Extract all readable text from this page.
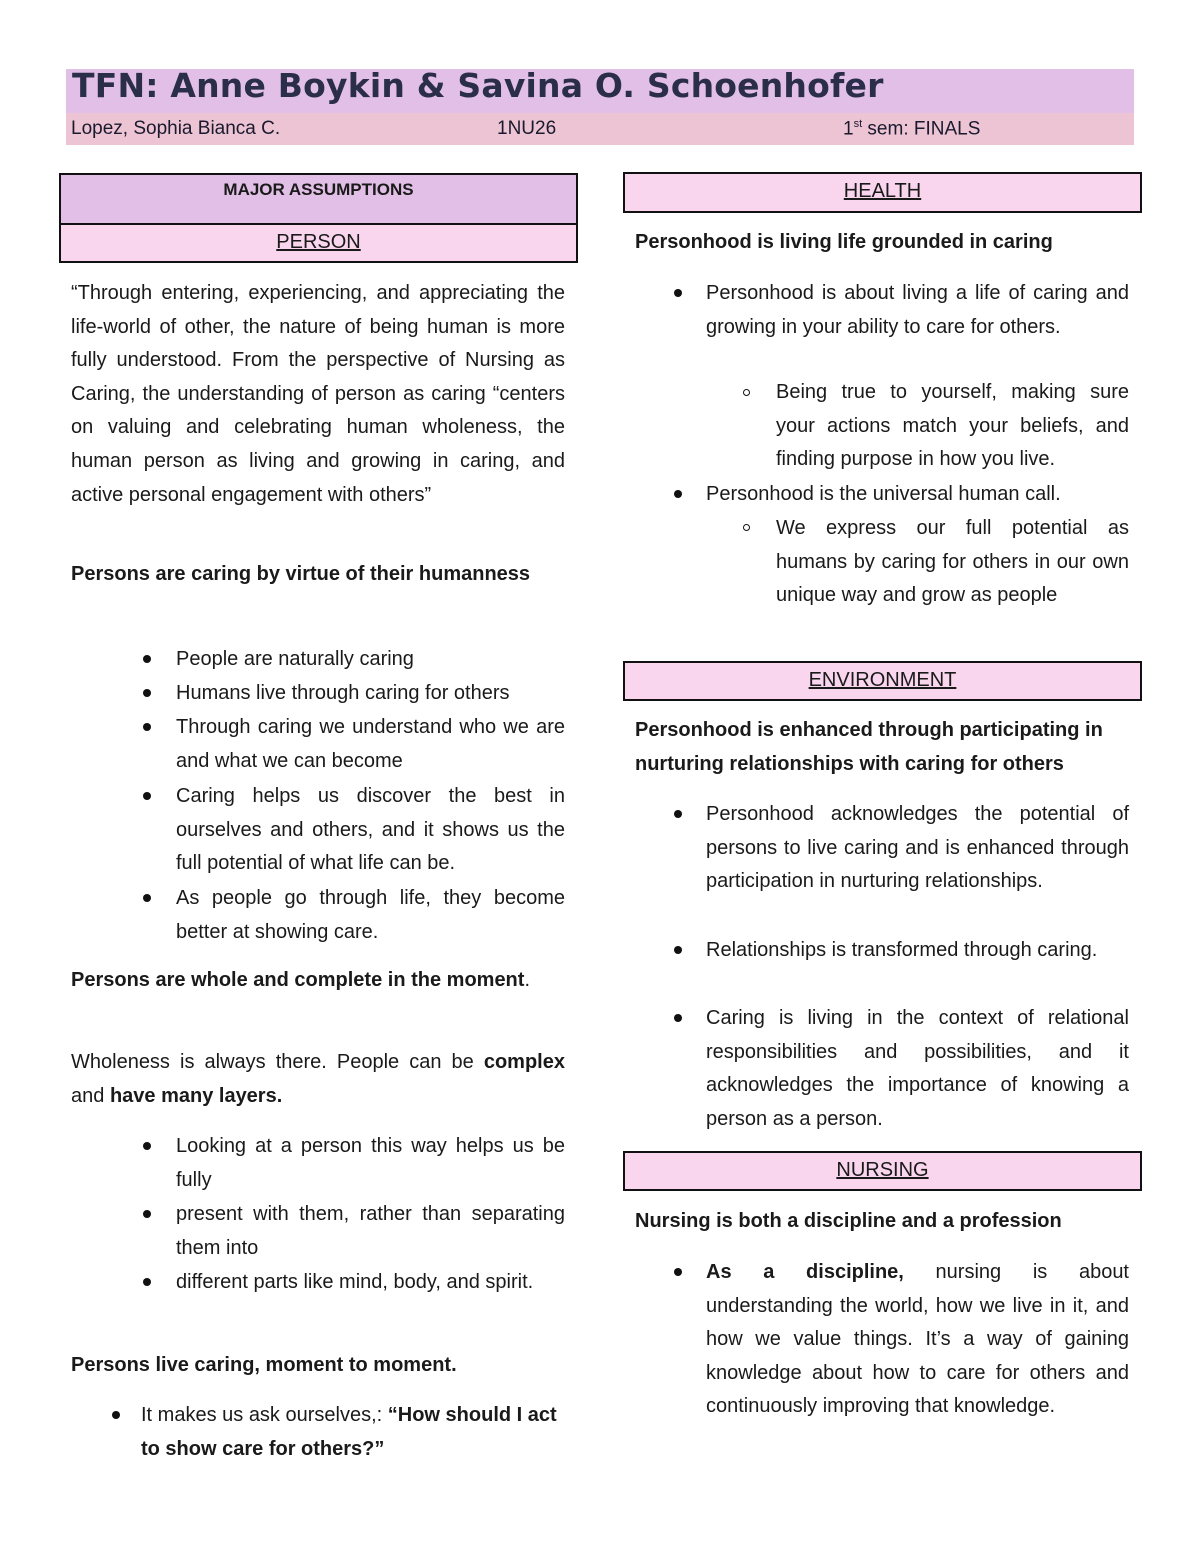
TFN: Anne Boykin & Savina O. Schoenhofer
Lopez, Sophia Bianca C.	1NU26	1st sem: FINALS
MAJOR ASSUMPTIONS
PERSON

“Through entering, experiencing, and appreciating the life-world of other, the nature of being human is more fully understood. From the perspective of Nursing as Caring, the understanding of person as caring “centers on valuing and celebrating human wholeness, the human person as living and growing in caring, and active personal engagement with others”

Persons are caring by virtue of their humanness

People are naturally caring

Humans live through caring for others

Through caring we understand who we are and what we can become

Caring helps us discover the best in ourselves and others, and it shows us the full potential of what life can be.

As people go through life, they become better at showing care.

Persons are whole and complete in the moment.

Wholeness is always there. People can be complex and have many layers.

Looking at a person this way helps us be fully

present with them, rather than separating them into

different parts like mind, body, and spirit.

Persons live caring, moment to moment.

It makes us ask ourselves,: “How should I act to show care for others?”

HEALTH

Personhood is living life grounded in caring

Personhood is about living a life of caring and growing in your ability to care for others.

Being true to yourself, making sure your actions match your beliefs, and finding purpose in how you live.

Personhood is the universal human call.

We express our full potential as humans by caring for others in our own unique way and grow as people

ENVIRONMENT

Personhood is enhanced through participating in nurturing relationships with caring for others

Personhood acknowledges the potential of persons to live caring and is enhanced through participation in nurturing relationships.

Relationships is transformed through caring.

Caring is living in the context of relational responsibilities and possibilities, and it acknowledges the importance of knowing a person as a person.

NURSING

Nursing is both a discipline and a profession

As a discipline, nursing is about understanding the world, how we live in it, and how we value things. It’s a way of gaining knowledge about how to care for others and continuously improving that knowledge.
